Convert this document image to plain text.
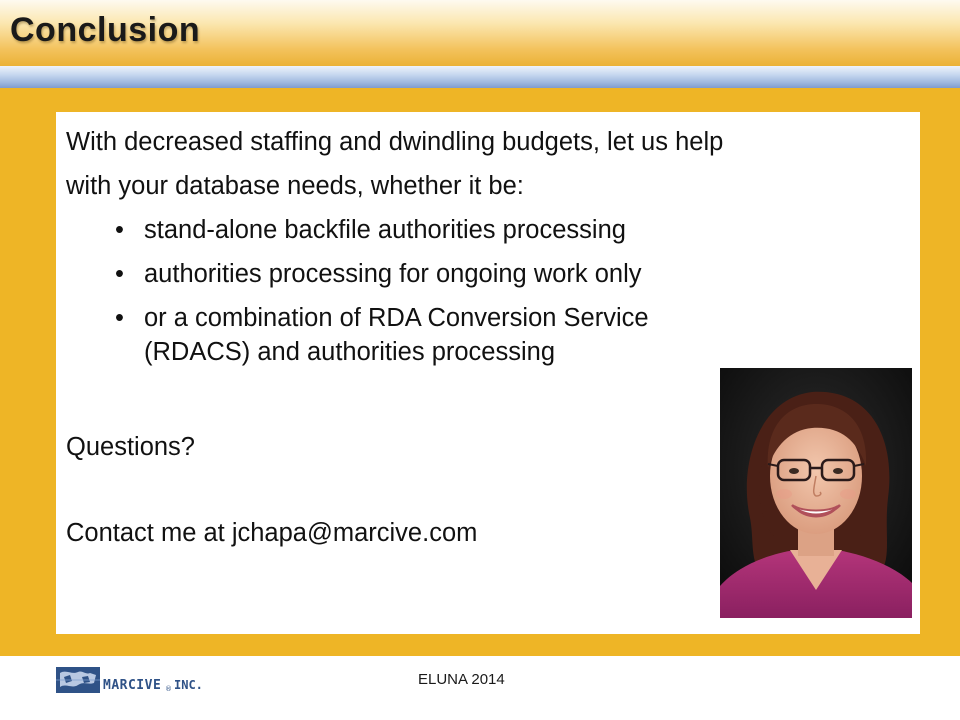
Conclusion
With decreased staffing and dwindling budgets, let us help
with your database needs, whether it be:
• stand-alone backfile authorities processing
• authorities processing for ongoing work only
• or a combination of RDA Conversion Service
(RDACS) and authorities processing
Questions?
Contact me at jchapa@marcive.com
MARCIVE ® INC.	ELUNA 2014
